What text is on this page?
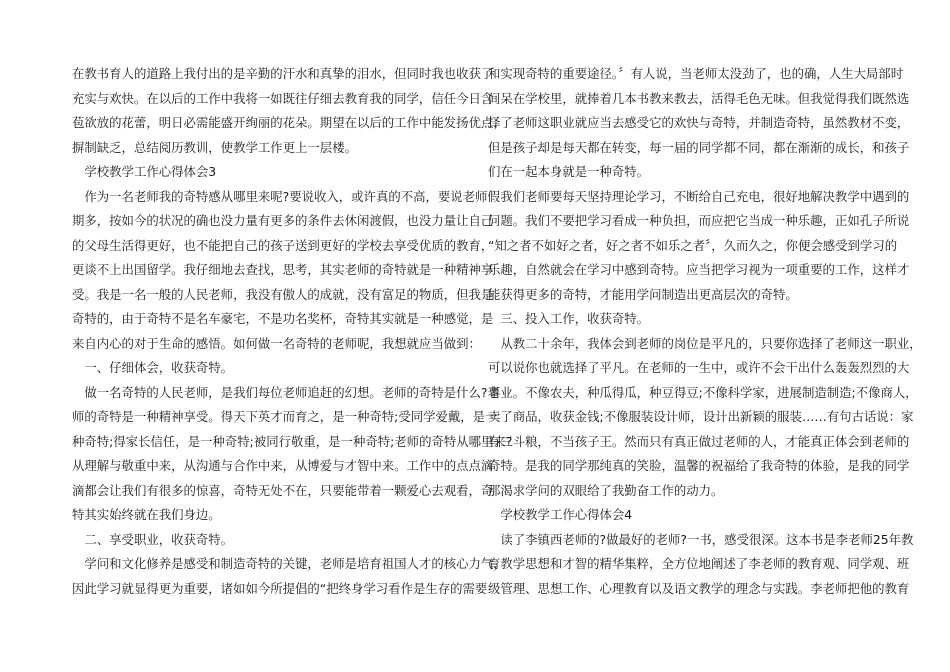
在教书育人的道路上我付出的是辛勤的汗水和真挚的泪水，但同时我也收获了
充实与欢快。在以后的工作中我将一如既往仔细去教育我的同学，信任今日含
苞欲放的花蕾，明日必需能盛开绚丽的花朵。期望在以后的工作中能发扬优点，
摒制缺乏，总结阅历教训，使教学工作更上一层楼。
　学校教学工作心得体会3
　作为一名老师我的奇特感从哪里来呢?要说收入，或许真的不高，要说老师假
期多，按如今的状况的确也没力量有更多的条件去休闲渡假，也没力量让自己
的父母生活得更好，也不能把自己的孩子送到更好的学校去享受优质的教育，
更谈不上出国留学。我仔细地去查找，思考，其实老师的奇特就是一种精神享
受。我是一名一般的人民老师，我没有傲人的成就，没有富足的物质，但我是
奇特的，由于奇特不是名车豪宅，不是功名奖杯，奇特其实就是一种感觉，是
来自内心的对于生命的感悟。如何做一名奇特的老师呢，我想就应当做到：
　一、仔细体会，收获奇特。
　做一名奇特的人民老师，是我们每位老师追赶的幻想。老师的奇特是什么?老
师的奇特是一种精神享受。得天下英才而育之，是一种奇特;受同学爱戴，是一
种奇特;得家长信任，是一种奇特;被同行敬重，是一种奇特;老师的奇特从哪里来?
从理解与敬重中来，从沟通与合作中来，从博爱与才智中来。工作中的点点滴
滴都会让我们有很多的惊喜，奇特无处不在，只要能带着一颗爱心去观看，奇
特其实始终就在我们身边。
　二、享受职业，收获奇特。
　学问和文化修养是感受和制造奇特的关键，老师是培育祖国人才的核心力气，
因此学习就显得更为重要，诸如如今所提倡的“把终身学习看作是生存的需要
和实现奇特的重要途径。〞有人说，当老师太没劲了，也的确，人生大局部时
间呆在学校里，就捧着几本书教来教去，活得毛色无味。但我觉得我们既然选
择了老师这职业就应当去感受它的欢快与奇特，并制造奇特，虽然教材不变，
但是孩子却是每天都在转变，每一届的同学都不同，都在渐渐的成长，和孩子
们在一起本身就是一种奇特。
　我们老师要每天坚持理论学习，不断给自己充电，很好地解决教学中遇到的
问题。我们不要把学习看成一种负担，而应把它当成一种乐趣，正如孔子所说
“知之者不如好之者，好之者不如乐之者〞，久而久之，你便会感受到学习的
乐趣，自然就会在学习中感到奇特。应当把学习视为一项重要的工作，这样才
能获得更多的奇特，才能用学问制造出更高层次的奇特。
　三、投入工作，收获奇特。
　从教二十余年，我体会到老师的岗位是平凡的，只要你选择了老师这一职业，
可以说你也就选择了平凡。在老师的一生中，或许不会干出什么轰轰烈烈的大
事业。不像农夫，种瓜得瓜，种豆得豆;不像科学家，进展制造制造;不像商人，
卖了商品，收获金钱;不像服装设计师，设计出新颖的服装……有句古话说：家
有三斗粮，不当孩子王。然而只有真正做过老师的人，才能真正体会到老师的
奇特。是我的同学那纯真的笑脸，温馨的祝福给了我奇特的体验，是我的同学
那渴求学问的双眼给了我勤奋工作的动力。
　学校教学工作心得体会4
　读了李镇西老师的?做最好的老师?一书，感受很深。这本书是李老师25年教
育教学思想和才智的精华集粹，全方位地阐述了李老师的教育观、同学观、班
级管理、思想工作、心理教育以及语文教学的理念与实践。李老师把他的教育
